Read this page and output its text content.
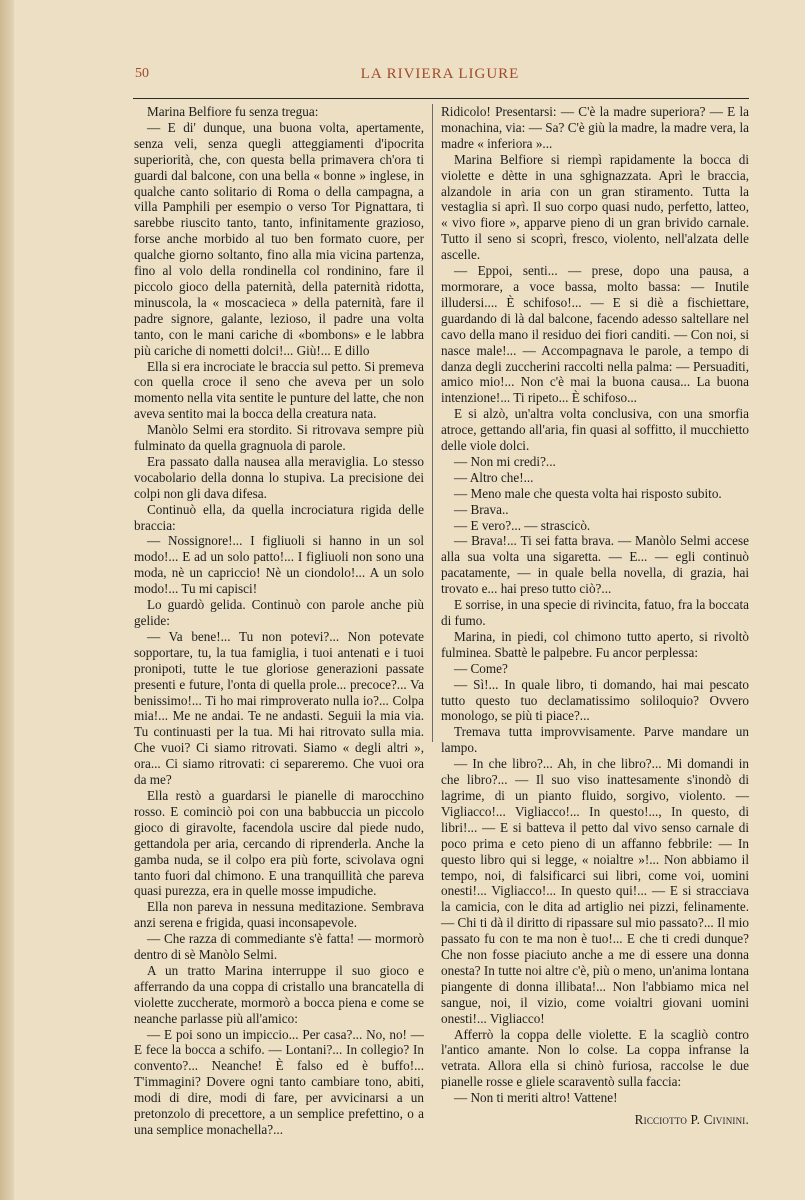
50	LA RIVIERA LIGURE

Marina Belfiore fu senza tregua:

— E di' dunque, una buona volta, apertamente, senza veli, senza quegli atteggiamenti d'ipocrita superiorità, che, con questa bella primavera ch'ora ti guardi dal balcone, con una bella « bonne » inglese, in qualche canto solitario di Roma o della campagna, a villa Pamphili per esempio o verso Tor Pignattara, ti sarebbe riuscito tanto, tanto, infinitamente grazioso, forse anche morbido al tuo ben formato cuore, per qualche giorno soltanto, fino alla mia vicina partenza, fino al volo della rondinella col rondinino, fare il piccolo gioco della paternità, della paternità ridotta, minuscola, la « moscacieca » della paternità, fare il padre signore, galante, lezioso, il padre una volta tanto, con le mani cariche di «bombons» e le labbra più cariche di nometti dolci!... Giù!... E dillo

Ella si era incrociate le braccia sul petto. Si premeva con quella croce il seno che aveva per un solo momento nella vita sentite le punture del latte, che non aveva sentito mai la bocca della creatura nata.

Manòlo Selmi era stordito. Si ritrovava sempre più fulminato da quella gragnuola di parole.

Era passato dalla nausea alla meraviglia. Lo stesso vocabolario della donna lo stupiva. La precisione dei colpi non gli dava difesa.

Continuò ella, da quella incrociatura rigida delle braccia:

— Nossignore!... I figliuoli si hanno in un sol modo!... E ad un solo patto!... I figliuoli non sono una moda, nè un capriccio! Nè un ciondolo!... A un solo modo!... Tu mi capisci!

Lo guardò gelida. Continuò con parole anche più gelide:

— Va bene!... Tu non potevi?... Non potevate sopportare, tu, la tua famiglia, i tuoi antenati e i tuoi pronipoti, tutte le tue gloriose generazioni passate presenti e future, l'onta di quella prole... precoce?... Va benissimo!... Ti ho mai rimproverato nulla io?... Colpa mia!... Me ne andai. Te ne andasti. Seguii la mia via. Tu continuasti per la tua. Mi hai ritrovato sulla mia. Che vuoi? Ci siamo ritrovati. Siamo « degli altri », ora... Ci siamo ritrovati: ci separeremo. Che vuoi ora da me?

Ella restò a guardarsi le pianelle di marocchino rosso. E cominciò poi con una babbuccia un piccolo gioco di giravolte, facendola uscire dal piede nudo, gettandola per aria, cercando di riprenderla. Anche la gamba nuda, se il colpo era più forte, scivolava ogni tanto fuori dal chimono. E una tranquillità che pareva quasi purezza, era in quelle mosse impudiche.

Ella non pareva in nessuna meditazione. Sembrava anzi serena e frigida, quasi inconsapevole.

— Che razza di commediante s'è fatta! — mormorò dentro di sè Manòlo Selmi.

A un tratto Marina interruppe il suo gioco e afferrando da una coppa di cristallo una brancatella di violette zuccherate, mormorò a bocca piena e come se neanche parlasse più all'amico:

— E poi sono un impiccio... Per casa?... No, no! — E fece la bocca a schifo. — Lontani?... In collegio? In convento?... Neanche! È falso ed è buffo!... T'immagini? Dovere ogni tanto cambiare tono, abiti, modi di dire, modi di fare, per avvicinarsi a un pretonzolo di precettore, a un semplice prefettino, o a una semplice monachella?...

Ridicolo! Presentarsi: — C'è la madre superiora? — E la monachina, via: — Sa? C'è giù la madre, la madre vera, la madre « inferiora »...

Marina Belfiore si riempì rapidamente la bocca di violette e dètte in una sghignazzata. Aprì le braccia, alzandole in aria con un gran stiramento. Tutta la vestaglia si aprì. Il suo corpo quasi nudo, perfetto, latteo, « vivo fiore », apparve pieno di un gran brivido carnale. Tutto il seno si scoprì, fresco, violento, nell'alzata delle ascelle.

— Eppoi, senti... — prese, dopo una pausa, a mormorare, a voce bassa, molto bassa: — Inutile illudersi.... È schifoso!... — E si diè a fischiettare, guardando di là dal balcone, facendo adesso saltellare nel cavo della mano il residuo dei fiori canditi. — Con noi, si nasce male!... — Accompagnava le parole, a tempo di danza degli zuccherini raccolti nella palma: — Persuaditi, amico mio!... Non c'è mai la buona causa... La buona intenzione!... Ti ripeto... È schifoso...

E si alzò, un'altra volta conclusiva, con una smorfia atroce, gettando all'aria, fin quasi al soffitto, il mucchietto delle viole dolci.

— Non mi credi?...

— Altro che!...

— Meno male che questa volta hai risposto subito.

— Brava..

— E vero?... — strascicò.

— Brava!... Ti sei fatta brava. — Manòlo Selmi accese alla sua volta una sigaretta. — E... — egli continuò pacatamente, — in quale bella novella, di grazia, hai trovato e... hai preso tutto ciò?...

E sorrise, in una specie di rivincita, fatuo, fra la boccata di fumo.

Marina, in piedi, col chimono tutto aperto, si rivoltò fulminea. Sbattè le palpebre. Fu ancor perplessa:

— Come?

— Sì!... In quale libro, ti domando, hai mai pescato tutto questo tuo declamatissimo soliloquio? Ovvero monologo, se più ti piace?...

Tremava tutta improvvisamente. Parve mandare un lampo.

— In che libro?... Ah, in che libro?... Mi domandi in che libro?... — Il suo viso inattesamente s'inondò di lagrime, di un pianto fluido, sorgivo, violento. — Vigliacco!... Vigliacco!... In questo!..., In questo, di libri!... — E si batteva il petto dal vivo senso carnale di poco prima e ceto pieno di un affanno febbrile: — In questo libro qui si legge, « noialtre »!... Non abbiamo il tempo, noi, di falsificarci sui libri, come voi, uomini onesti!... Vigliacco!... In questo qui!... — E si stracciava la camicia, con le dita ad artiglio nei pizzi, felinamente. — Chi ti dà il diritto di ripassare sul mio passato?... Il mio passato fu con te ma non è tuo!... E che ti credi dunque? Che non fosse piaciuto anche a me di essere una donna onesta? In tutte noi altre c'è, più o meno, un'anima lontana piangente di donna illibata!... Non l'abbiamo mica nel sangue, noi, il vizio, come voialtri giovani uomini onesti!... Vigliacco!

Afferrò la coppa delle violette. E la scagliò contro l'antico amante. Non lo colse. La coppa infranse la vetrata. Allora ella si chinò furiosa, raccolse le due pianelle rosse e gliele scaraventò sulla faccia:

— Non ti meriti altro! Vattene!

Ricciotto P. Civinini.
